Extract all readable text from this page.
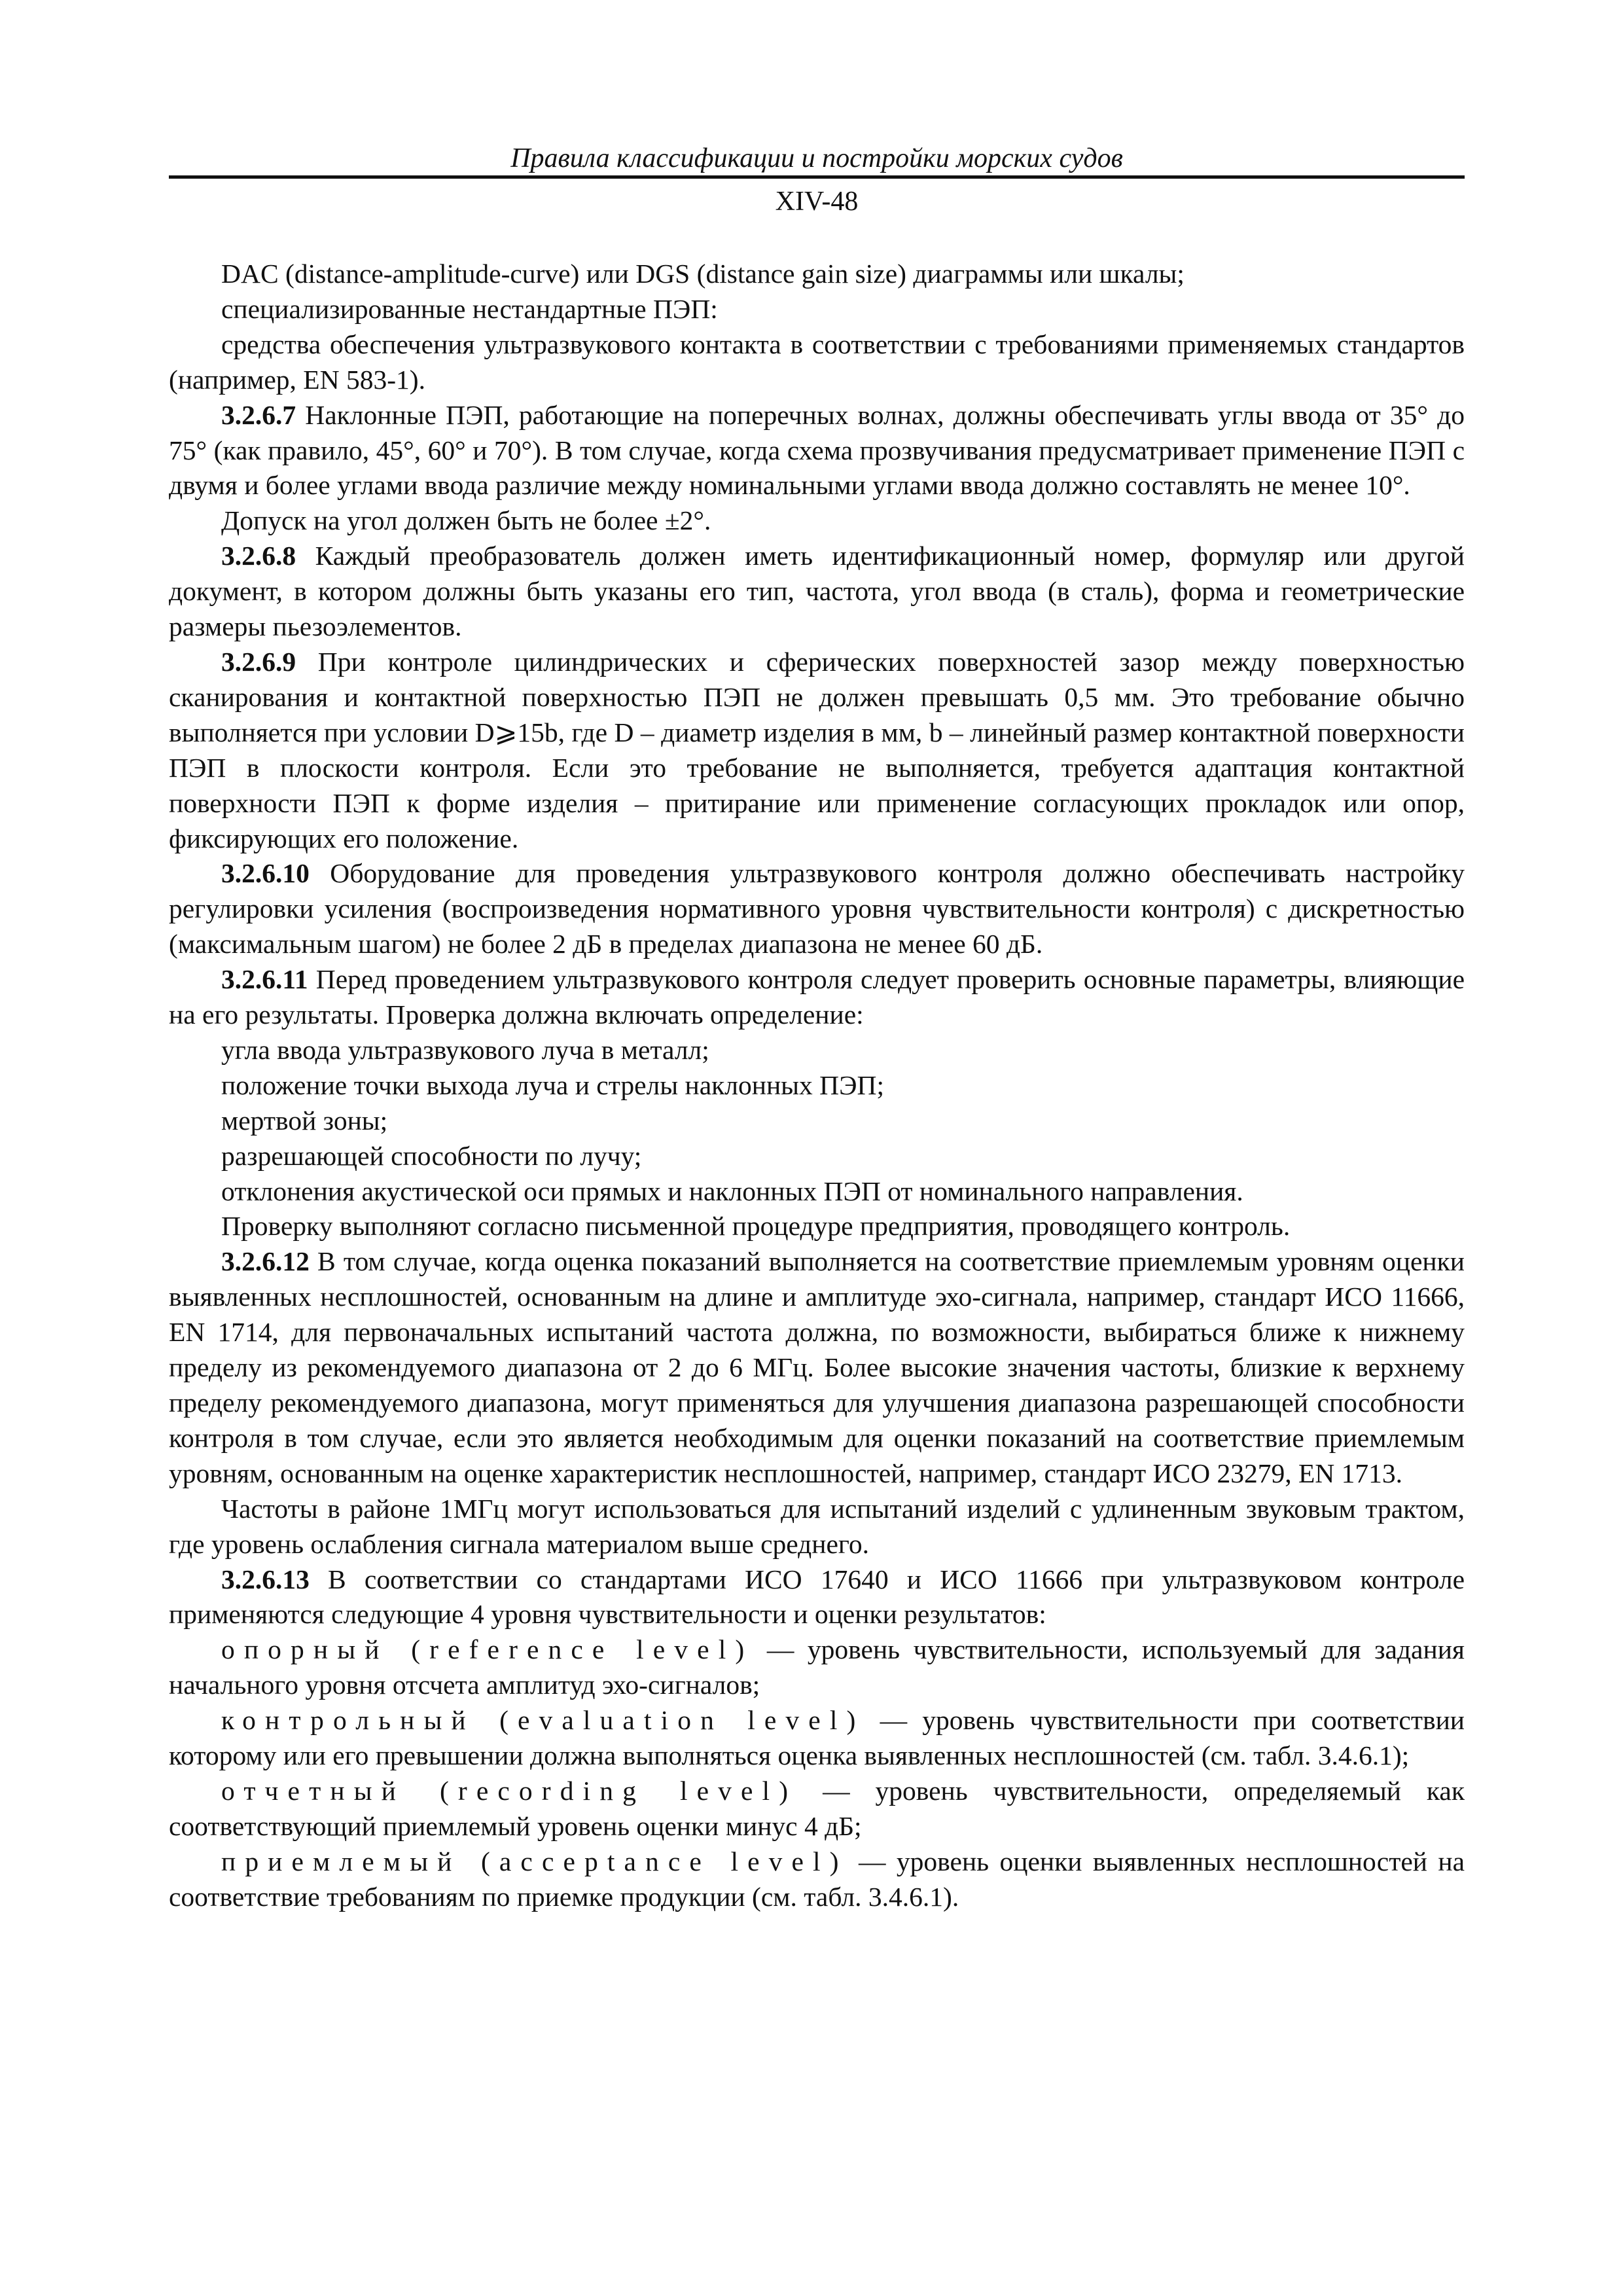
Правила классификации и постройки морских судов
XIV-48

DAC (distance-amplitude-curve) или DGS (distance gain size) диаграммы или шкалы;

специализированные нестандартные ПЭП:

средства обеспечения ультразвукового контакта в соответствии с требованиями применяемых стандартов (например, EN 583-1).

3.2.6.7 Наклонные ПЭП, работающие на поперечных волнах, должны обеспечивать углы ввода от 35° до 75° (как правило, 45°, 60° и 70°). В том случае, когда схема прозвучивания предусматривает применение ПЭП с двумя и более углами ввода различие между номинальными углами ввода должно составлять не менее 10°.

Допуск на угол должен быть не более ±2°.

3.2.6.8 Каждый преобразователь должен иметь идентификационный номер, формуляр или другой документ, в котором должны быть указаны его тип, частота, угол ввода (в сталь), форма и геометрические размеры пьезоэлементов.

3.2.6.9 При контроле цилиндрических и сферических поверхностей зазор между поверхностью сканирования и контактной поверхностью ПЭП не должен превышать 0,5 мм. Это требование обычно выполняется при условии D⩾15b, где D – диаметр изделия в мм, b – линейный размер контактной поверхности ПЭП в плоскости контроля. Если это требование не выполняется, требуется адаптация контактной поверхности ПЭП к форме изделия – притирание или применение согласующих прокладок или опор, фиксирующих его положение.

3.2.6.10 Оборудование для проведения ультразвукового контроля должно обеспечивать настройку регулировки усиления (воспроизведения нормативного уровня чувствительности контроля) с дискретностью (максимальным шагом) не более 2 дБ в пределах диапазона не менее 60 дБ.

3.2.6.11 Перед проведением ультразвукового контроля следует проверить основные параметры, влияющие на его результаты. Проверка должна включать определение:

угла ввода ультразвукового луча в металл;

положение точки выхода луча и стрелы наклонных ПЭП;

мертвой зоны;

разрешающей способности по лучу;

отклонения акустической оси прямых и наклонных ПЭП от номинального направления.

Проверку выполняют согласно письменной процедуре предприятия, проводящего контроль.

3.2.6.12 В том случае, когда оценка показаний выполняется на соответствие приемлемым уровням оценки выявленных несплошностей, основанным на длине и амплитуде эхо-сигнала, например, стандарт ИСО 11666, EN 1714, для первоначальных испытаний частота должна, по возможности, выбираться ближе к нижнему пределу из рекомендуемого диапазона от 2 до 6 МГц. Более высокие значения частоты, близкие к верхнему пределу рекомендуемого диапазона, могут применяться для улучшения диапазона разрешающей способности контроля в том случае, если это является необходимым для оценки показаний на соответствие приемлемым уровням, основанным на оценке характеристик несплошностей, например, стандарт ИСО 23279, EN 1713.

Частоты в районе 1МГц могут использоваться для испытаний изделий с удлиненным звуковым трактом, где уровень ослабления сигнала материалом выше среднего.

3.2.6.13 В соответствии со стандартами ИСО 17640 и ИСО 11666 при ультразвуковом контроле применяются следующие 4 уровня чувствительности и оценки результатов:

опорный (reference level) — уровень чувствительности, используемый для задания начального уровня отсчета амплитуд эхо-сигналов;

контрольный (evaluation level) — уровень чувствительности при соответствии которому или его превышении должна выполняться оценка выявленных несплошностей (см. табл. 3.4.6.1);

отчетный (recording level) — уровень чувствительности, определяемый как соответствующий приемлемый уровень оценки минус 4 дБ;

приемлемый (acceptance level) — уровень оценки выявленных несплошностей на соответствие требованиям по приемке продукции (см. табл. 3.4.6.1).
